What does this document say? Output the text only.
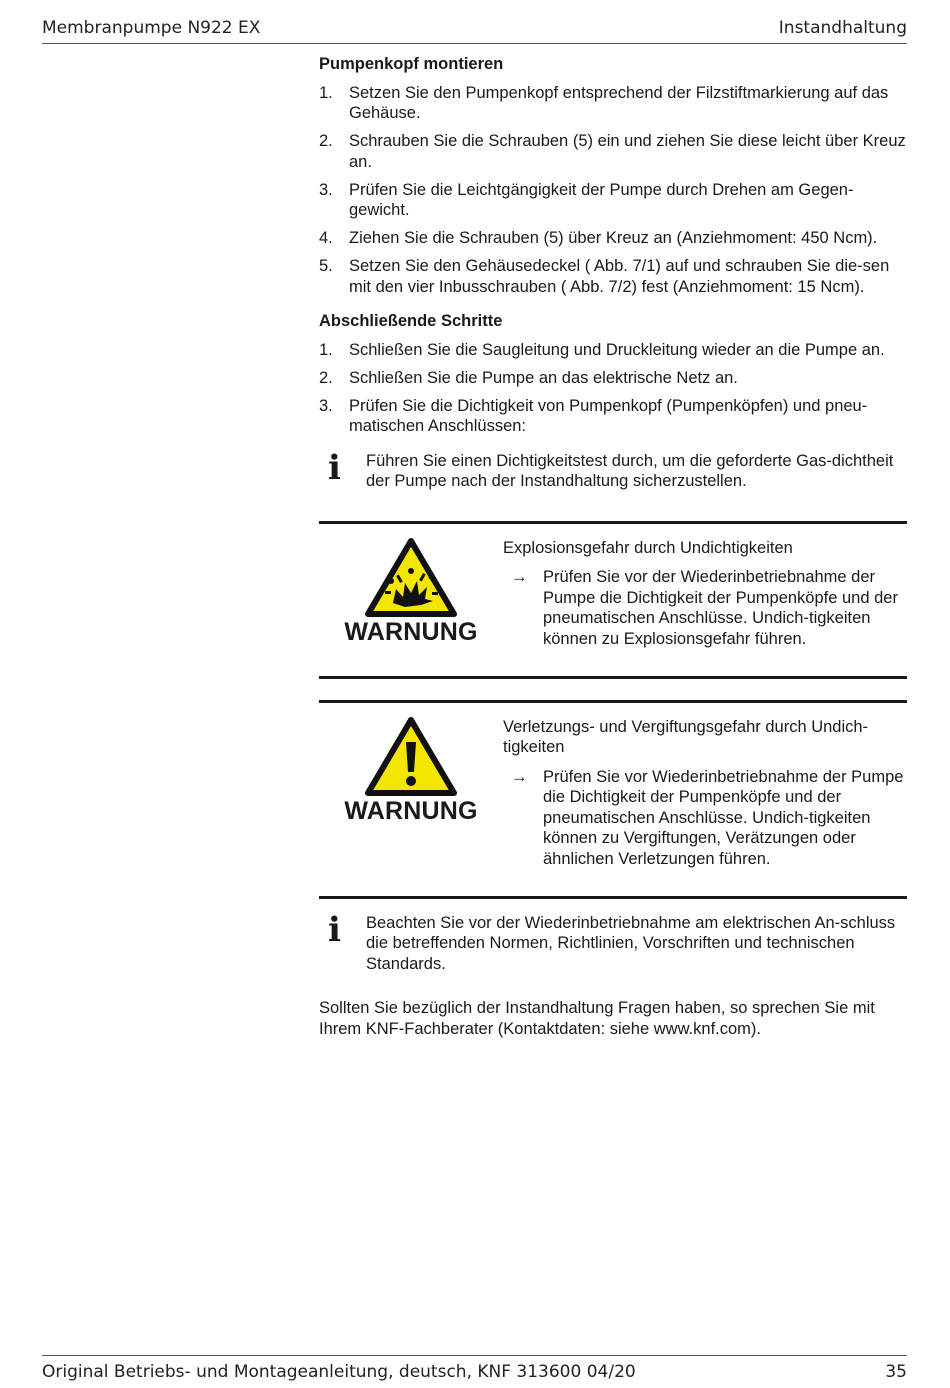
Membranpumpe N922 EX	Instandhaltung
Pumpenkopf montieren
1. Setzen Sie den Pumpenkopf entsprechend der Filzstiftmarkierung auf das Gehäuse.
2. Schrauben Sie die Schrauben (5) ein und ziehen Sie diese leicht über Kreuz an.
3. Prüfen Sie die Leichtgängigkeit der Pumpe durch Drehen am Gegen-gewicht.
4. Ziehen Sie die Schrauben (5) über Kreuz an (Anziehmoment: 450 Ncm).
5. Setzen Sie den Gehäusedeckel ( Abb. 7/1) auf und schrauben Sie die-sen mit den vier Inbusschrauben ( Abb. 7/2) fest (Anziehmoment: 15 Ncm).
Abschließende Schritte
1. Schließen Sie die Saugleitung und Druckleitung wieder an die Pumpe an.
2. Schließen Sie die Pumpe an das elektrische Netz an.
3. Prüfen Sie die Dichtigkeit von Pumpenkopf (Pumpenköpfen) und pneu-matischen Anschlüssen:
i	Führen Sie einen Dichtigkeitstest durch, um die geforderte Gas-dichtheit der Pumpe nach der Instandhaltung sicherzustellen.
WARNUNG
Explosionsgefahr durch Undichtigkeiten
→ Prüfen Sie vor der Wiederinbetriebnahme der Pumpe die Dichtigkeit der Pumpenköpfe und der pneumatischen Anschlüsse. Undich-tigkeiten können zu Explosionsgefahr führen.
WARNUNG
Verletzungs- und Vergiftungsgefahr durch Undich-tigkeiten
→ Prüfen Sie vor Wiederinbetriebnahme der Pumpe die Dichtigkeit der Pumpenköpfe und der pneumatischen Anschlüsse. Undich-tigkeiten können zu Vergiftungen, Verätzungen oder ähnlichen Verletzungen führen.
i	Beachten Sie vor der Wiederinbetriebnahme am elektrischen An-schluss die betreffenden Normen, Richtlinien, Vorschriften und technischen Standards.

Sollten Sie bezüglich der Instandhaltung Fragen haben, so sprechen Sie mit Ihrem KNF-Fachberater (Kontaktdaten: siehe www.knf.com).

Original Betriebs- und Montageanleitung, deutsch, KNF 313600 04/20	35
